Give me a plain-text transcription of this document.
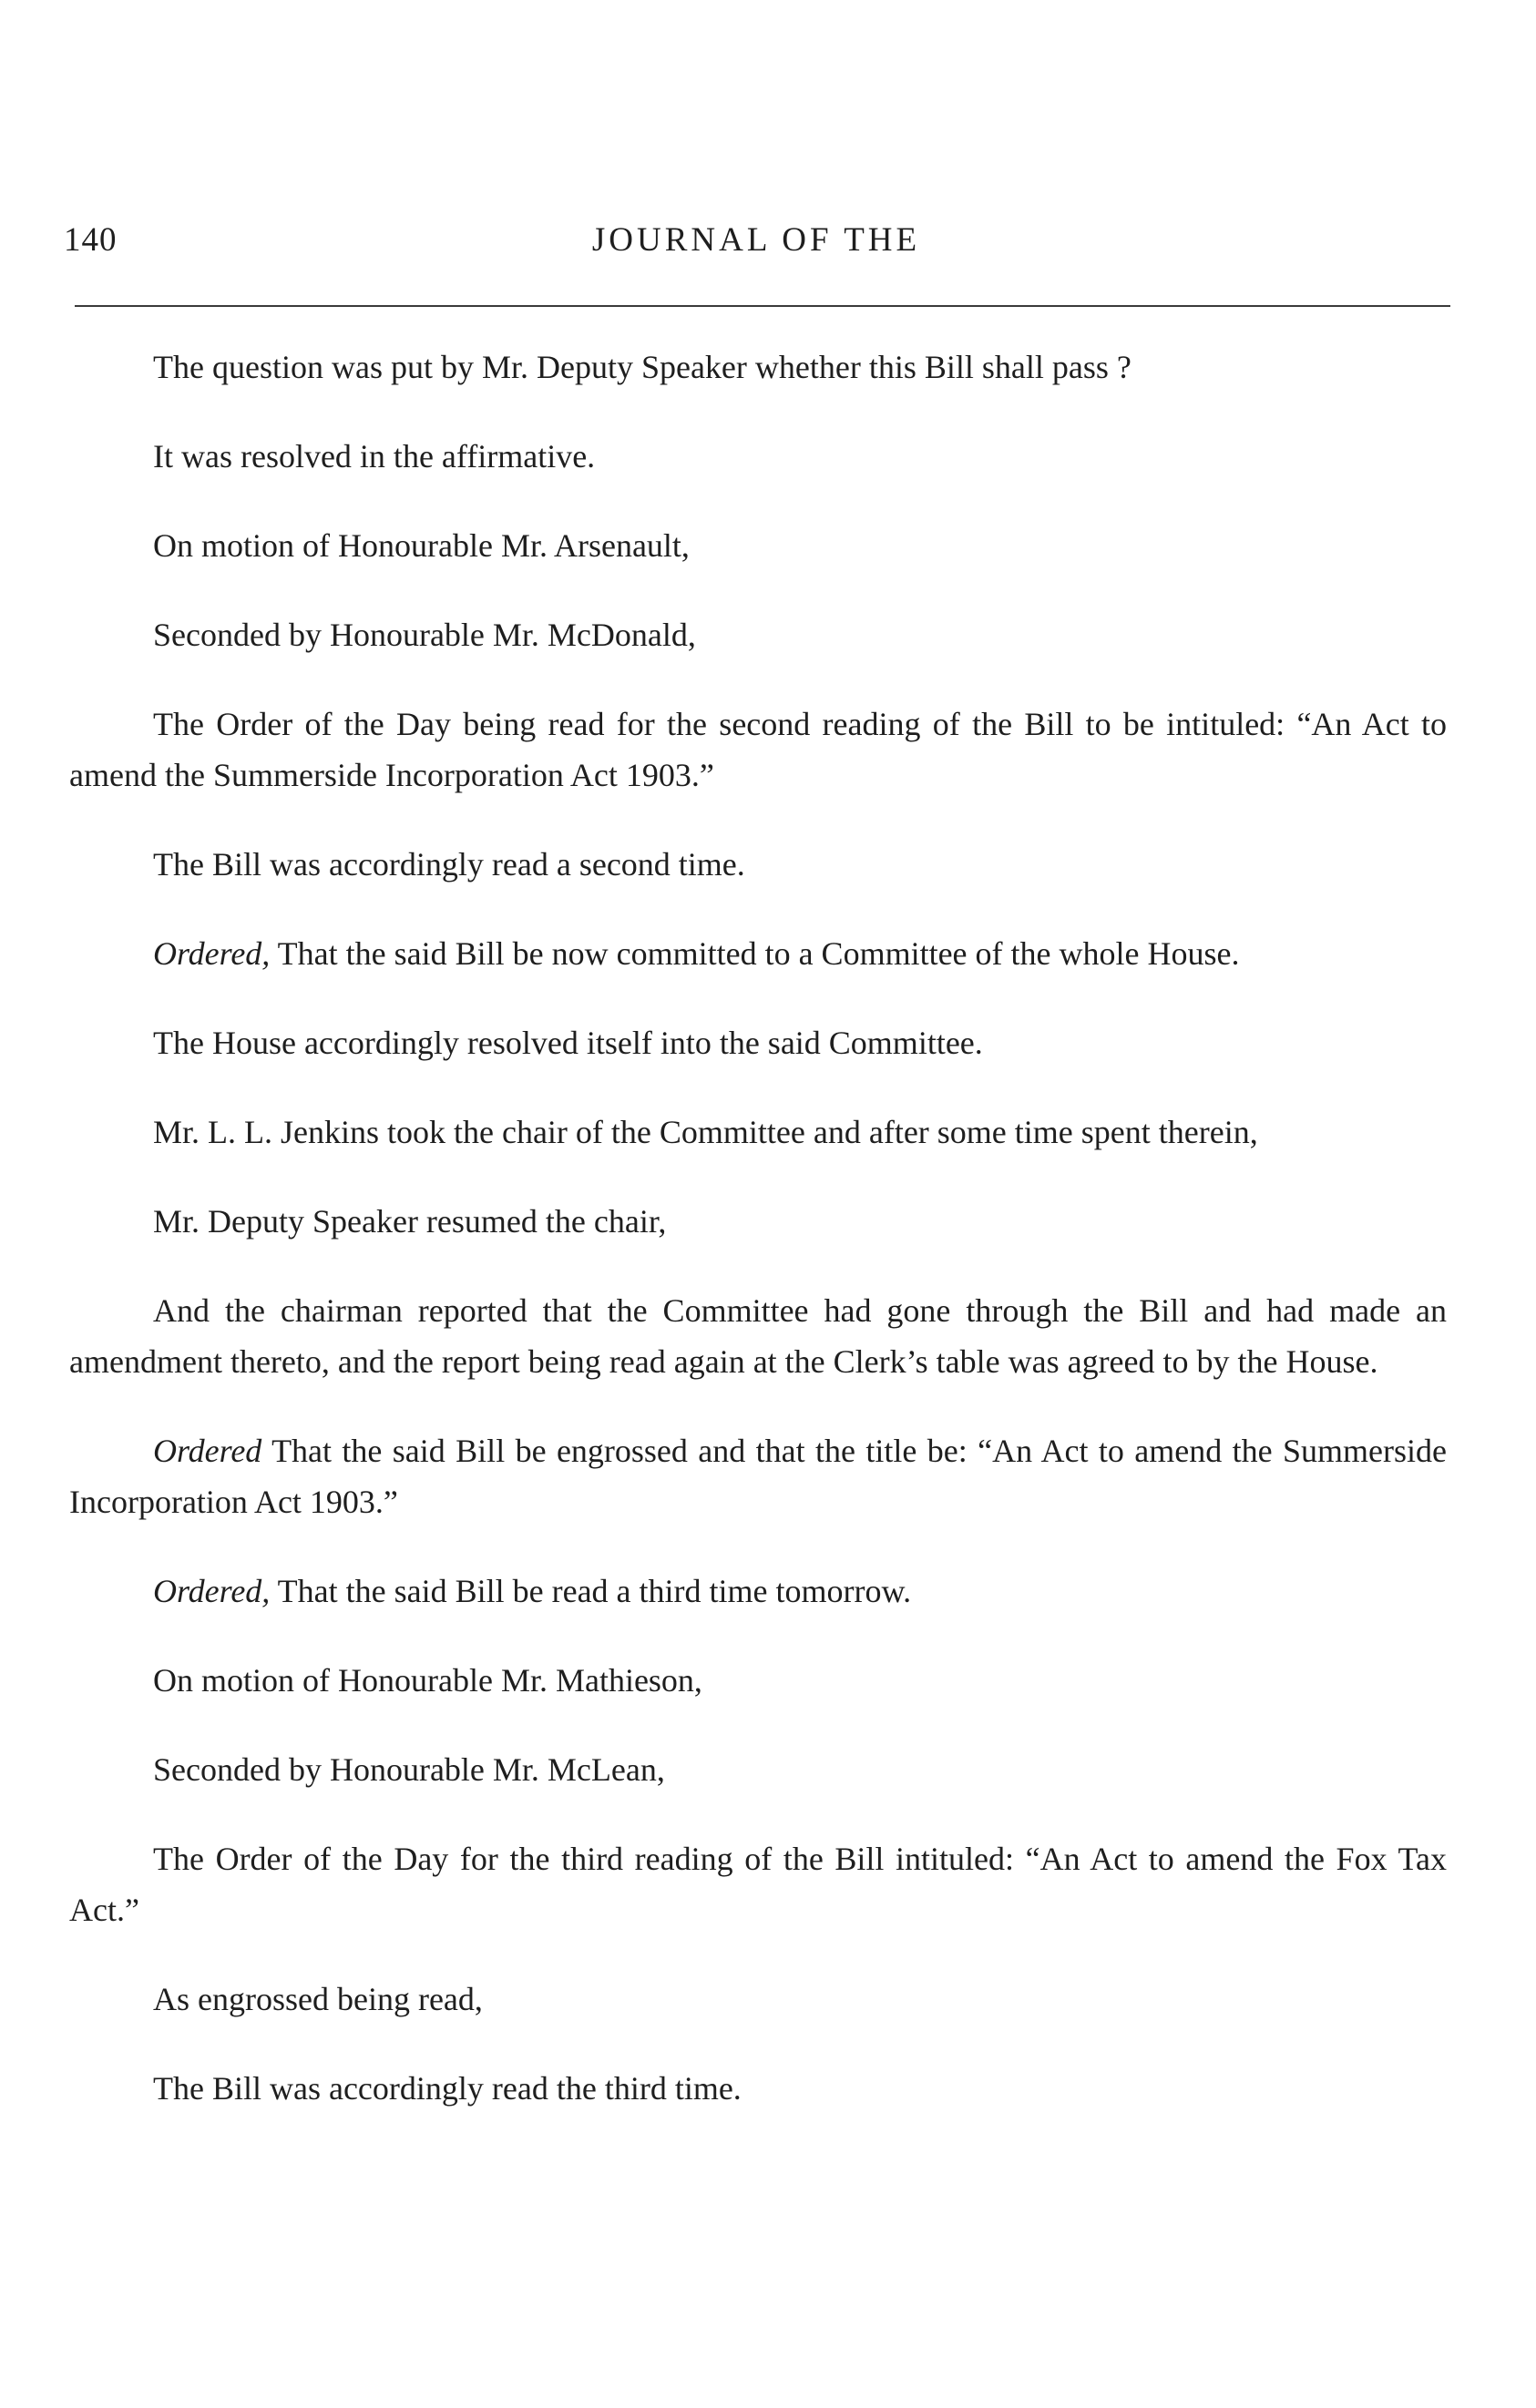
140	JOURNAL OF THE

The question was put by Mr. Deputy Speaker whether this Bill shall pass ?

It was resolved in the affirmative.

On motion of Honourable Mr. Arsenault,

Seconded by Honourable Mr. McDonald,

The Order of the Day being read for the second reading of the Bill to be intituled: “An Act to amend the Summerside Incorporation Act 1903.”

The Bill was accordingly read a second time.

Ordered, That the said Bill be now committed to a Committee of the whole House.

The House accordingly resolved itself into the said Committee.

Mr. L. L. Jenkins took the chair of the Committee and after some time spent therein,

Mr. Deputy Speaker resumed the chair,

And the chairman reported that the Committee had gone through the Bill and had made an amendment thereto, and the report being read again at the Clerk’s table was agreed to by the House.

Ordered That the said Bill be engrossed and that the title be: “An Act to amend the Summerside Incorporation Act 1903.”

Ordered, That the said Bill be read a third time tomorrow.

On motion of Honourable Mr. Mathieson,

Seconded by Honourable Mr. McLean,

The Order of the Day for the third reading of the Bill intituled: “An Act to amend the Fox Tax Act.”

As engrossed being read,

The Bill was accordingly read the third time.
